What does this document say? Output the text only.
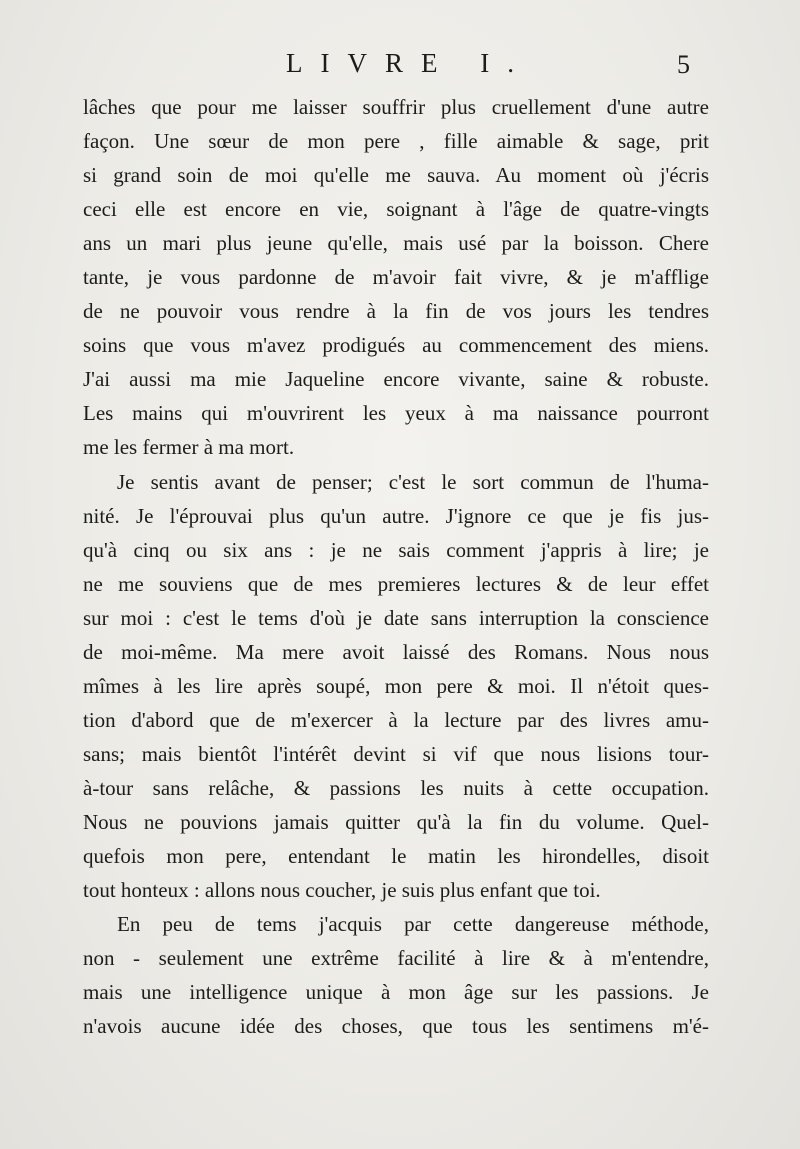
LIVRE I.	5
lâches que pour me laisser souffrir plus cruellement d'une autre
façon. Une sœur de mon pere , fille aimable & sage, prit
si grand soin de moi qu'elle me sauva. Au moment où j'écris
ceci elle est encore en vie, soignant à l'âge de quatre-vingts
ans un mari plus jeune qu'elle, mais usé par la boisson. Chere
tante, je vous pardonne de m'avoir fait vivre, & je m'afflige
de ne pouvoir vous rendre à la fin de vos jours les tendres
soins que vous m'avez prodigués au commencement des miens.
J'ai aussi ma mie Jaqueline encore vivante, saine & robuste.
Les mains qui m'ouvrirent les yeux à ma naissance pourront
me les fermer à ma mort.
Je sentis avant de penser; c'est le sort commun de l'huma-
nité. Je l'éprouvai plus qu'un autre. J'ignore ce que je fis jus-
qu'à cinq ou six ans : je ne sais comment j'appris à lire; je
ne me souviens que de mes premieres lectures & de leur effet
sur moi : c'est le tems d'où je date sans interruption la conscience
de moi-même. Ma mere avoit laissé des Romans. Nous nous
mîmes à les lire après soupé, mon pere & moi. Il n'étoit ques-
tion d'abord que de m'exercer à la lecture par des livres amu-
sans; mais bientôt l'intérêt devint si vif que nous lisions tour-
à-tour sans relâche, & passions les nuits à cette occupation.
Nous ne pouvions jamais quitter qu'à la fin du volume. Quel-
quefois mon pere, entendant le matin les hirondelles, disoit
tout honteux : allons nous coucher, je suis plus enfant que toi.
En peu de tems j'acquis par cette dangereuse méthode,
non - seulement une extrême facilité à lire & à m'entendre,
mais une intelligence unique à mon âge sur les passions. Je
n'avois aucune idée des choses, que tous les sentimens m'é-
